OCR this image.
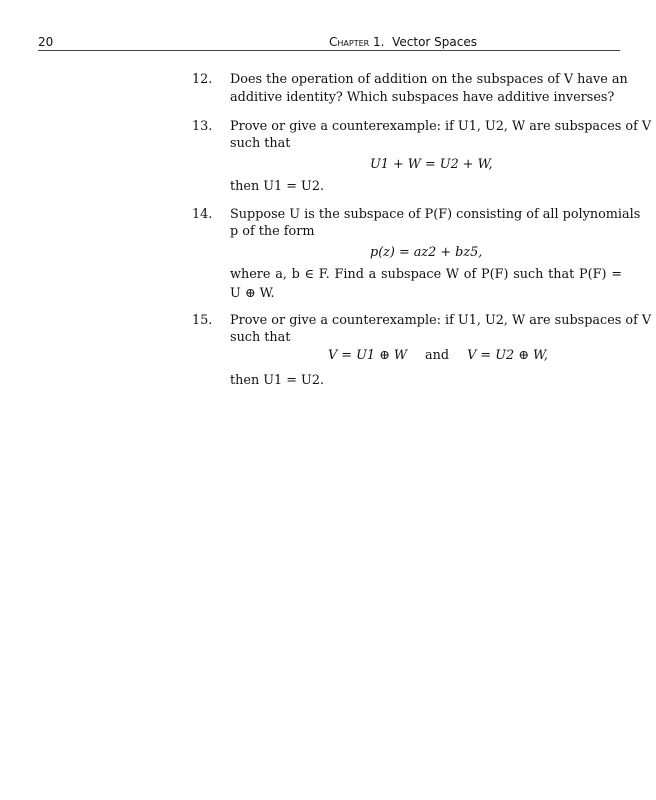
20	Chapter 1. Vector Spaces
12.	Does the operation of addition on the subspaces of V have an
additive identity? Which subspaces have additive inverses?
13.	Prove or give a counterexample: if U1, U2, W are subspaces of V
such that
U1 + W = U2 + W,
then U1 = U2.
14.	Suppose U is the subspace of P(F) consisting of all polynomials
p of the form
p(z) = az2 + bz5,
where a, b ∈ F. Find a subspace W of P(F) such that P(F) =
U ⊕ W.
15.	Prove or give a counterexample: if U1, U2, W are subspaces of V
such that
V = U1 ⊕ W and V = U2 ⊕ W,
then U1 = U2.
